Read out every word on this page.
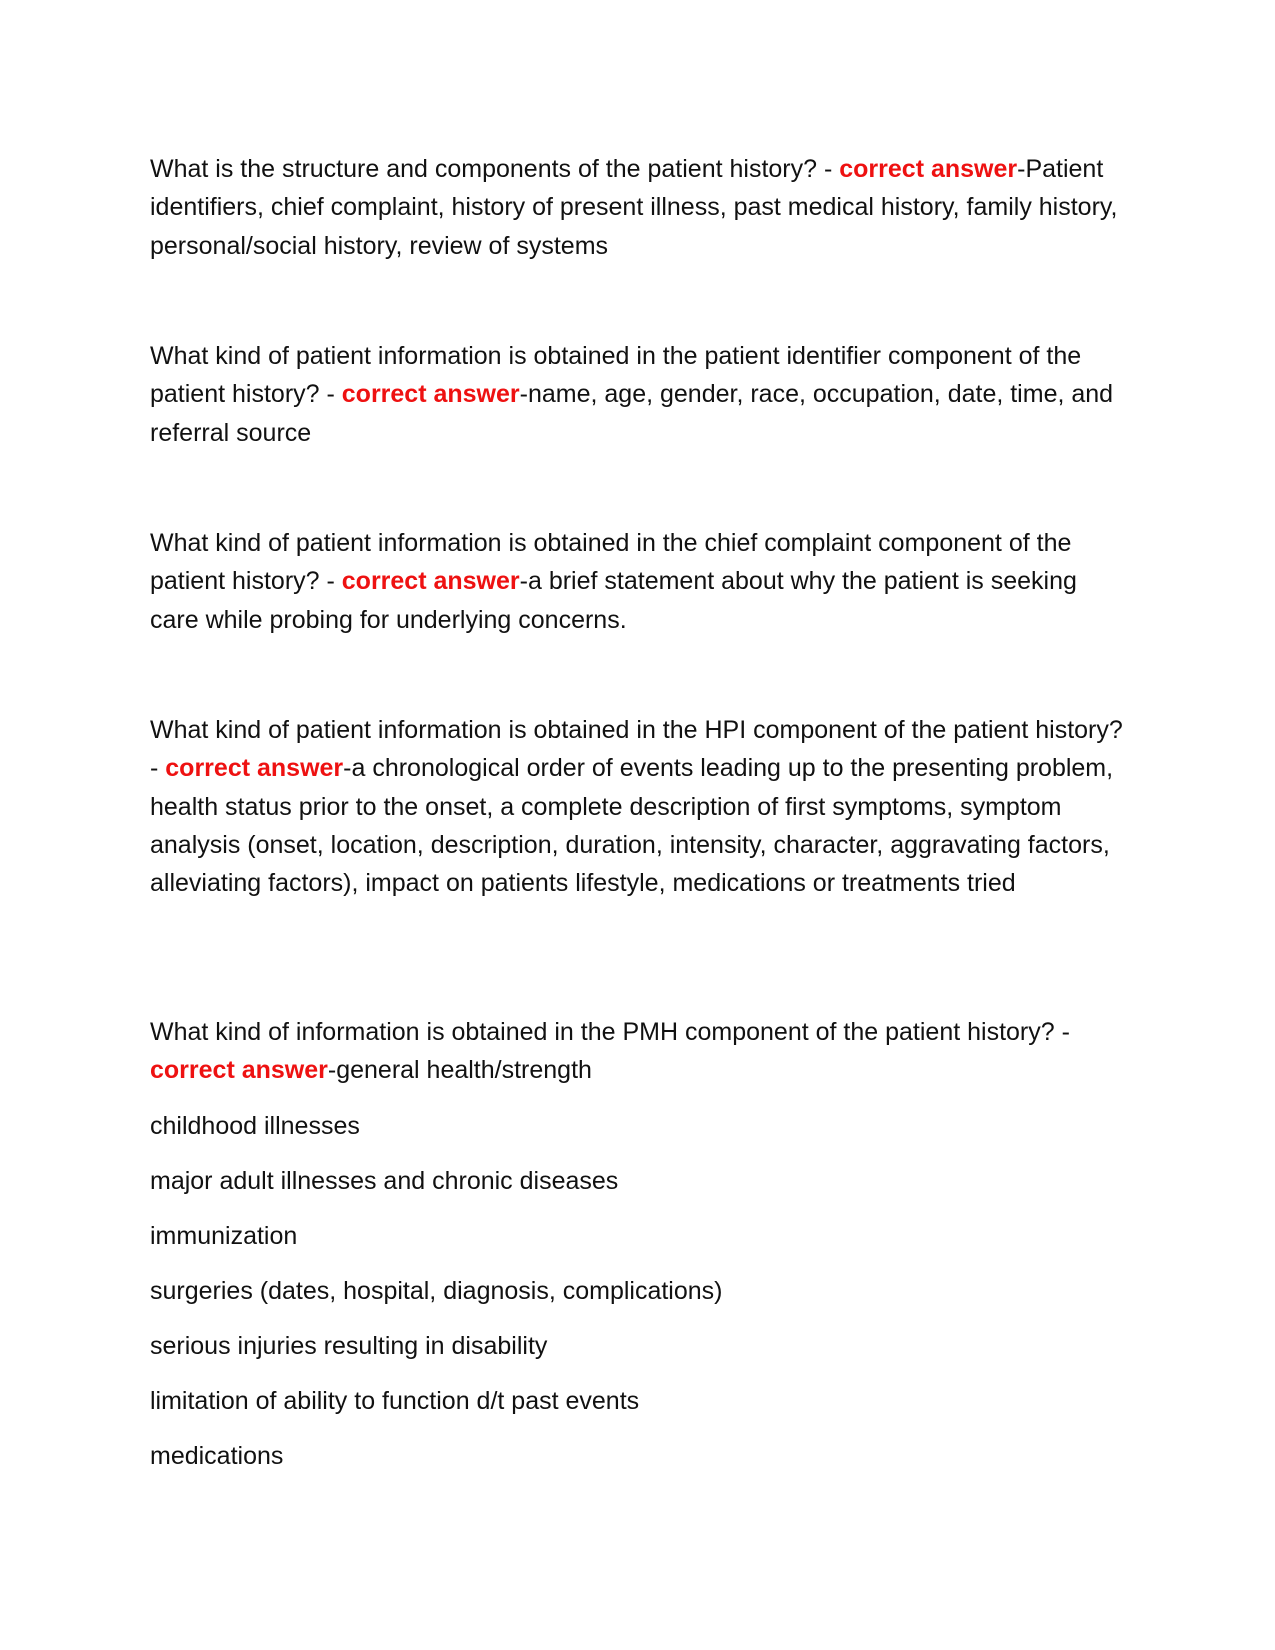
What is the structure and components of the patient history? - correct answer-Patient identifiers, chief complaint, history of present illness, past medical history, family history, personal/social history, review of systems
What kind of patient information is obtained in the patient identifier component of the patient history? - correct answer-name, age, gender, race, occupation, date, time, and referral source
What kind of patient information is obtained in the chief complaint component of the patient history? - correct answer-a brief statement about why the patient is seeking care while probing for underlying concerns.
What kind of patient information is obtained in the HPI component of the patient history? - correct answer-a chronological order of events leading up to the presenting problem, health status prior to the onset, a complete description of first symptoms, symptom analysis (onset, location, description, duration, intensity, character, aggravating factors, alleviating factors), impact on patients lifestyle, medications or treatments tried
What kind of information is obtained in the PMH component of the patient history? - correct answer-general health/strength
childhood illnesses
major adult illnesses and chronic diseases
immunization
surgeries (dates, hospital, diagnosis, complications)
serious injuries resulting in disability
limitation of ability to function d/t past events
medications
